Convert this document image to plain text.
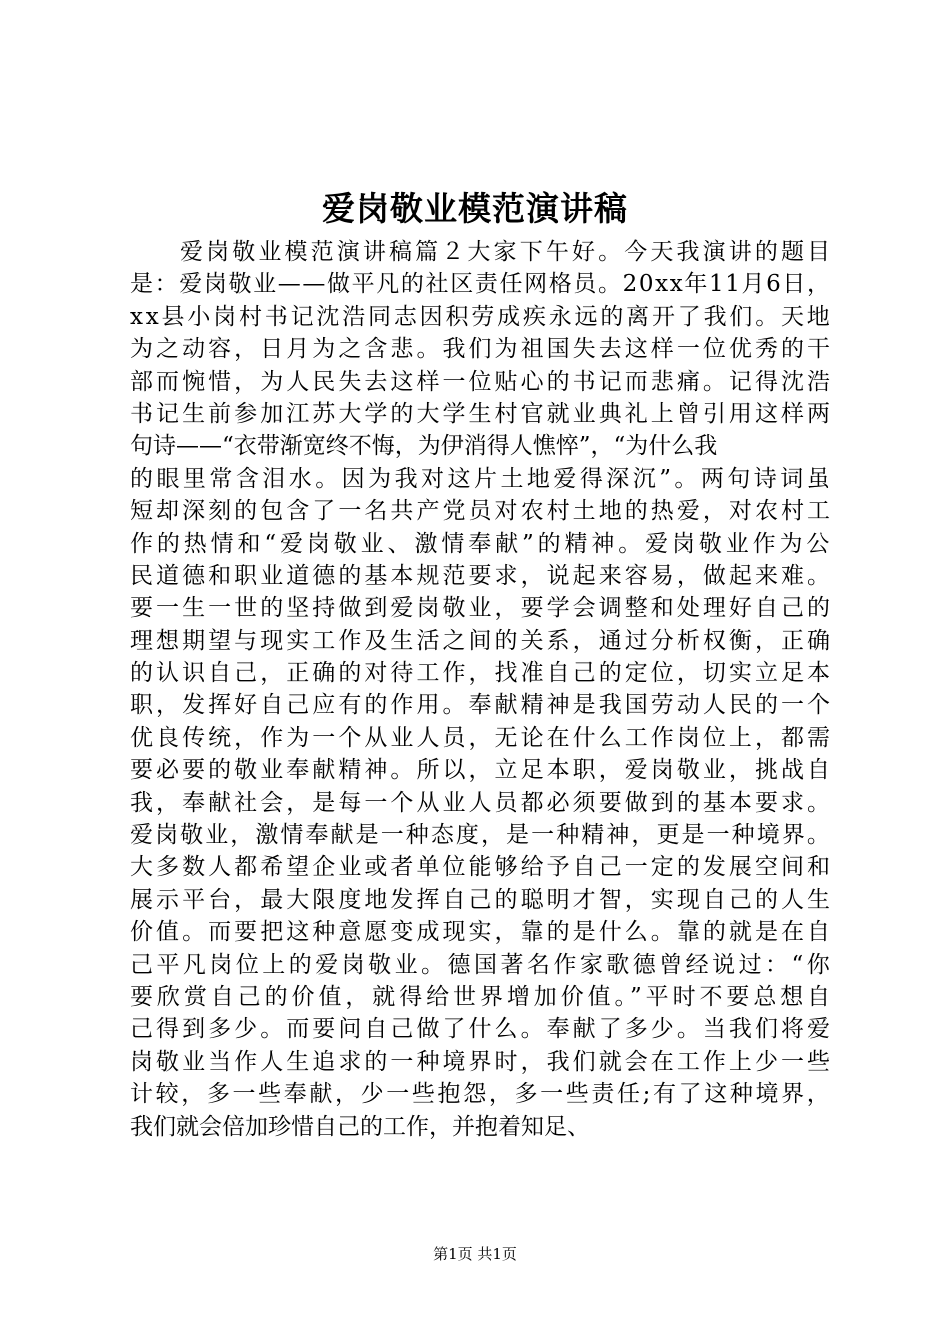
爱岗敬业模范演讲稿
爱岗敬业模范演讲稿篇２大家下午好。今天我演讲的题目
是：爱岗敬业——做平凡的社区责任网格员。20xx年11月6日，
xx县小岗村书记沈浩同志因积劳成疾永远的离开了我们。天地
为之动容，日月为之含悲。我们为祖国失去这样一位优秀的干
部而惋惜，为人民失去这样一位贴心的书记而悲痛。记得沈浩
书记生前参加江苏大学的大学生村官就业典礼上曾引用这样两
句诗——“衣带渐宽终不悔，为伊消得人憔悴”，“为什么我
的眼里常含泪水。因为我对这片土地爱得深沉”。两句诗词虽
短却深刻的包含了一名共产党员对农村土地的热爱，对农村工
作的热情和“爱岗敬业、激情奉献”的精神。爱岗敬业作为公
民道德和职业道德的基本规范要求，说起来容易，做起来难。
要一生一世的坚持做到爱岗敬业，要学会调整和处理好自己的
理想期望与现实工作及生活之间的关系，通过分析权衡，正确
的认识自己，正确的对待工作，找准自己的定位，切实立足本
职，发挥好自己应有的作用。奉献精神是我国劳动人民的一个
优良传统，作为一个从业人员，无论在什么工作岗位上，都需
要必要的敬业奉献精神。所以，立足本职，爱岗敬业，挑战自
我，奉献社会，是每一个从业人员都必须要做到的基本要求。
爱岗敬业，激情奉献是一种态度，是一种精神，更是一种境界。
大多数人都希望企业或者单位能够给予自己一定的发展空间和
展示平台，最大限度地发挥自己的聪明才智，实现自己的人生
价值。而要把这种意愿变成现实，靠的是什么。靠的就是在自
己平凡岗位上的爱岗敬业。德国著名作家歌德曾经说过：“你
要欣赏自己的价值，就得给世界增加价值。”平时不要总想自
己得到多少。而要问自己做了什么。奉献了多少。当我们将爱
岗敬业当作人生追求的一种境界时，我们就会在工作上少一些
计较，多一些奉献，少一些抱怨，多一些责任;有了这种境界，
我们就会倍加珍惜自己的工作，并抱着知足、
第1页 共1页
